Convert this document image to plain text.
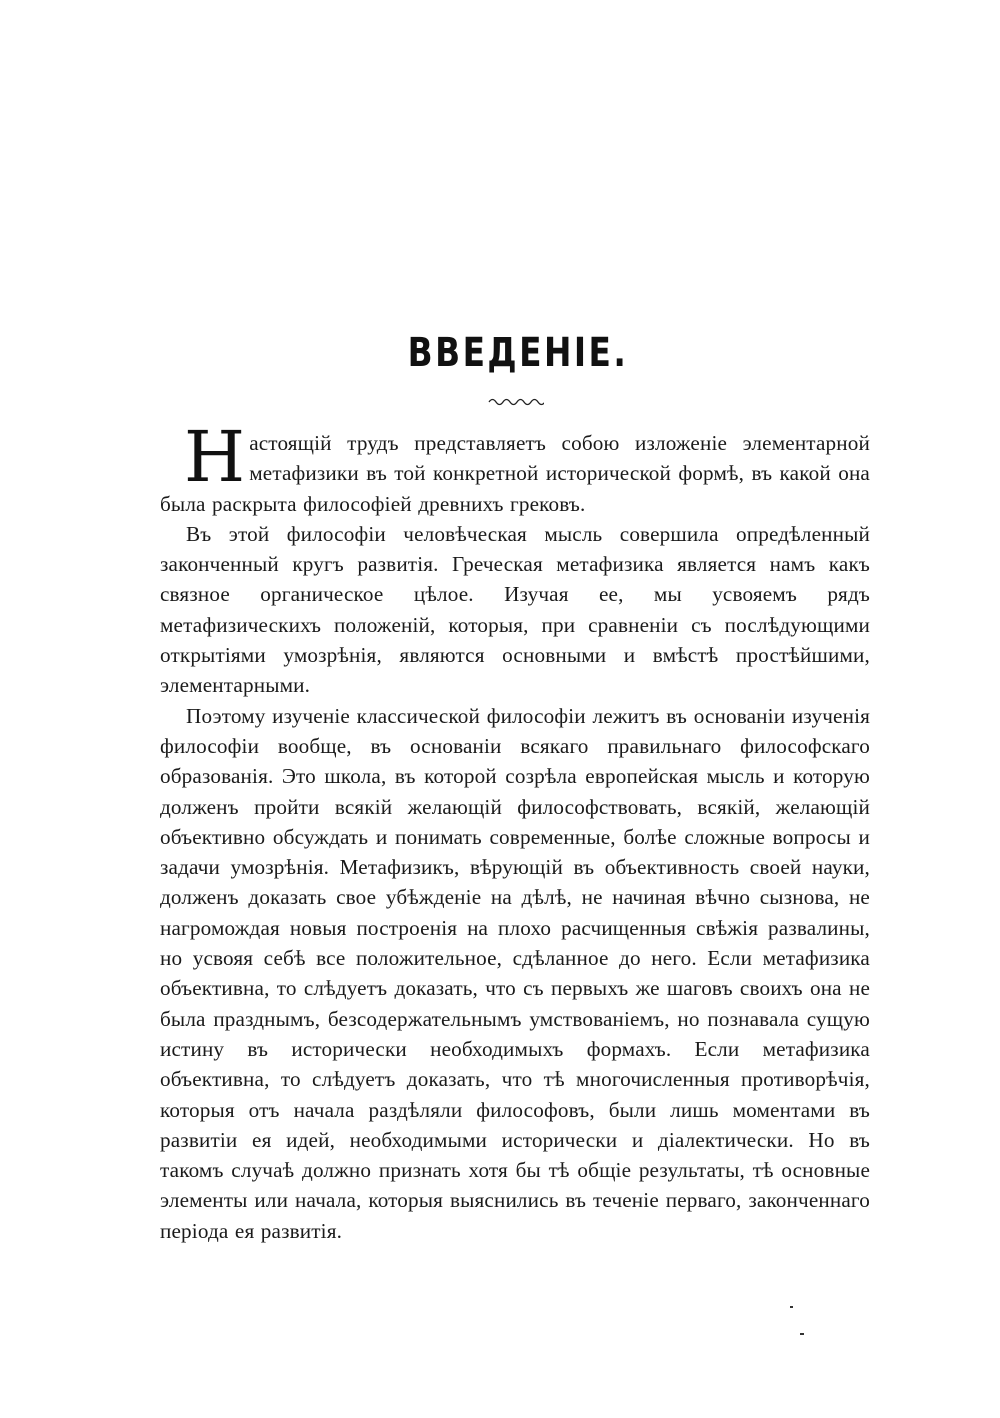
ВВЕДЕНІЕ.

Настоящій трудъ представляетъ собою изложеніе элементарной метафизики въ той конкретной исторической формѣ, въ какой она была раскрыта философіей древнихъ грековъ.

Въ этой философіи человѣческая мысль совершила опредѣленный законченный кругъ развитія. Греческая метафизика является намъ какъ связное органическое цѣлое. Изучая ее, мы усвояемъ рядъ метафизическихъ положеній, которыя, при сравненіи съ послѣдующими открытіями умозрѣнія, являются основными и вмѣстѣ простѣйшими, элементарными.

Поэтому изученіе классической философіи лежитъ въ основаніи изученія философіи вообще, въ основаніи всякаго правильнаго философскаго образованія. Это школа, въ которой созрѣла европейская мысль и которую долженъ пройти всякій желающій философствовать, всякій, желающій объективно обсуждать и понимать современные, болѣе сложные вопросы и задачи умозрѣнія. Метафизикъ, вѣрующій въ объективность своей науки, долженъ доказать свое убѣжденіе на дѣлѣ, не начиная вѣчно сызнова, не нагромождая новыя построенія на плохо расчищенныя свѣжія развалины, но усвояя себѣ все положительное, сдѣланное до него. Если метафизика объективна, то слѣдуетъ доказать, что съ первыхъ же шаговъ своихъ она не была празднымъ, безсодержательнымъ умствованіемъ, но познавала сущую истину въ исторически необходимыхъ формахъ. Если метафизика объективна, то слѣдуетъ доказать, что тѣ многочисленныя противорѣчія, которыя отъ начала раздѣляли философовъ, были лишь моментами въ развитіи ея идей, необходимыми исторически и діалектически. Но въ такомъ случаѣ должно признать хотя бы тѣ общіе результаты, тѣ основные элементы или начала, которыя выяснились въ теченіе перваго, законченнаго періода ея развитія.
